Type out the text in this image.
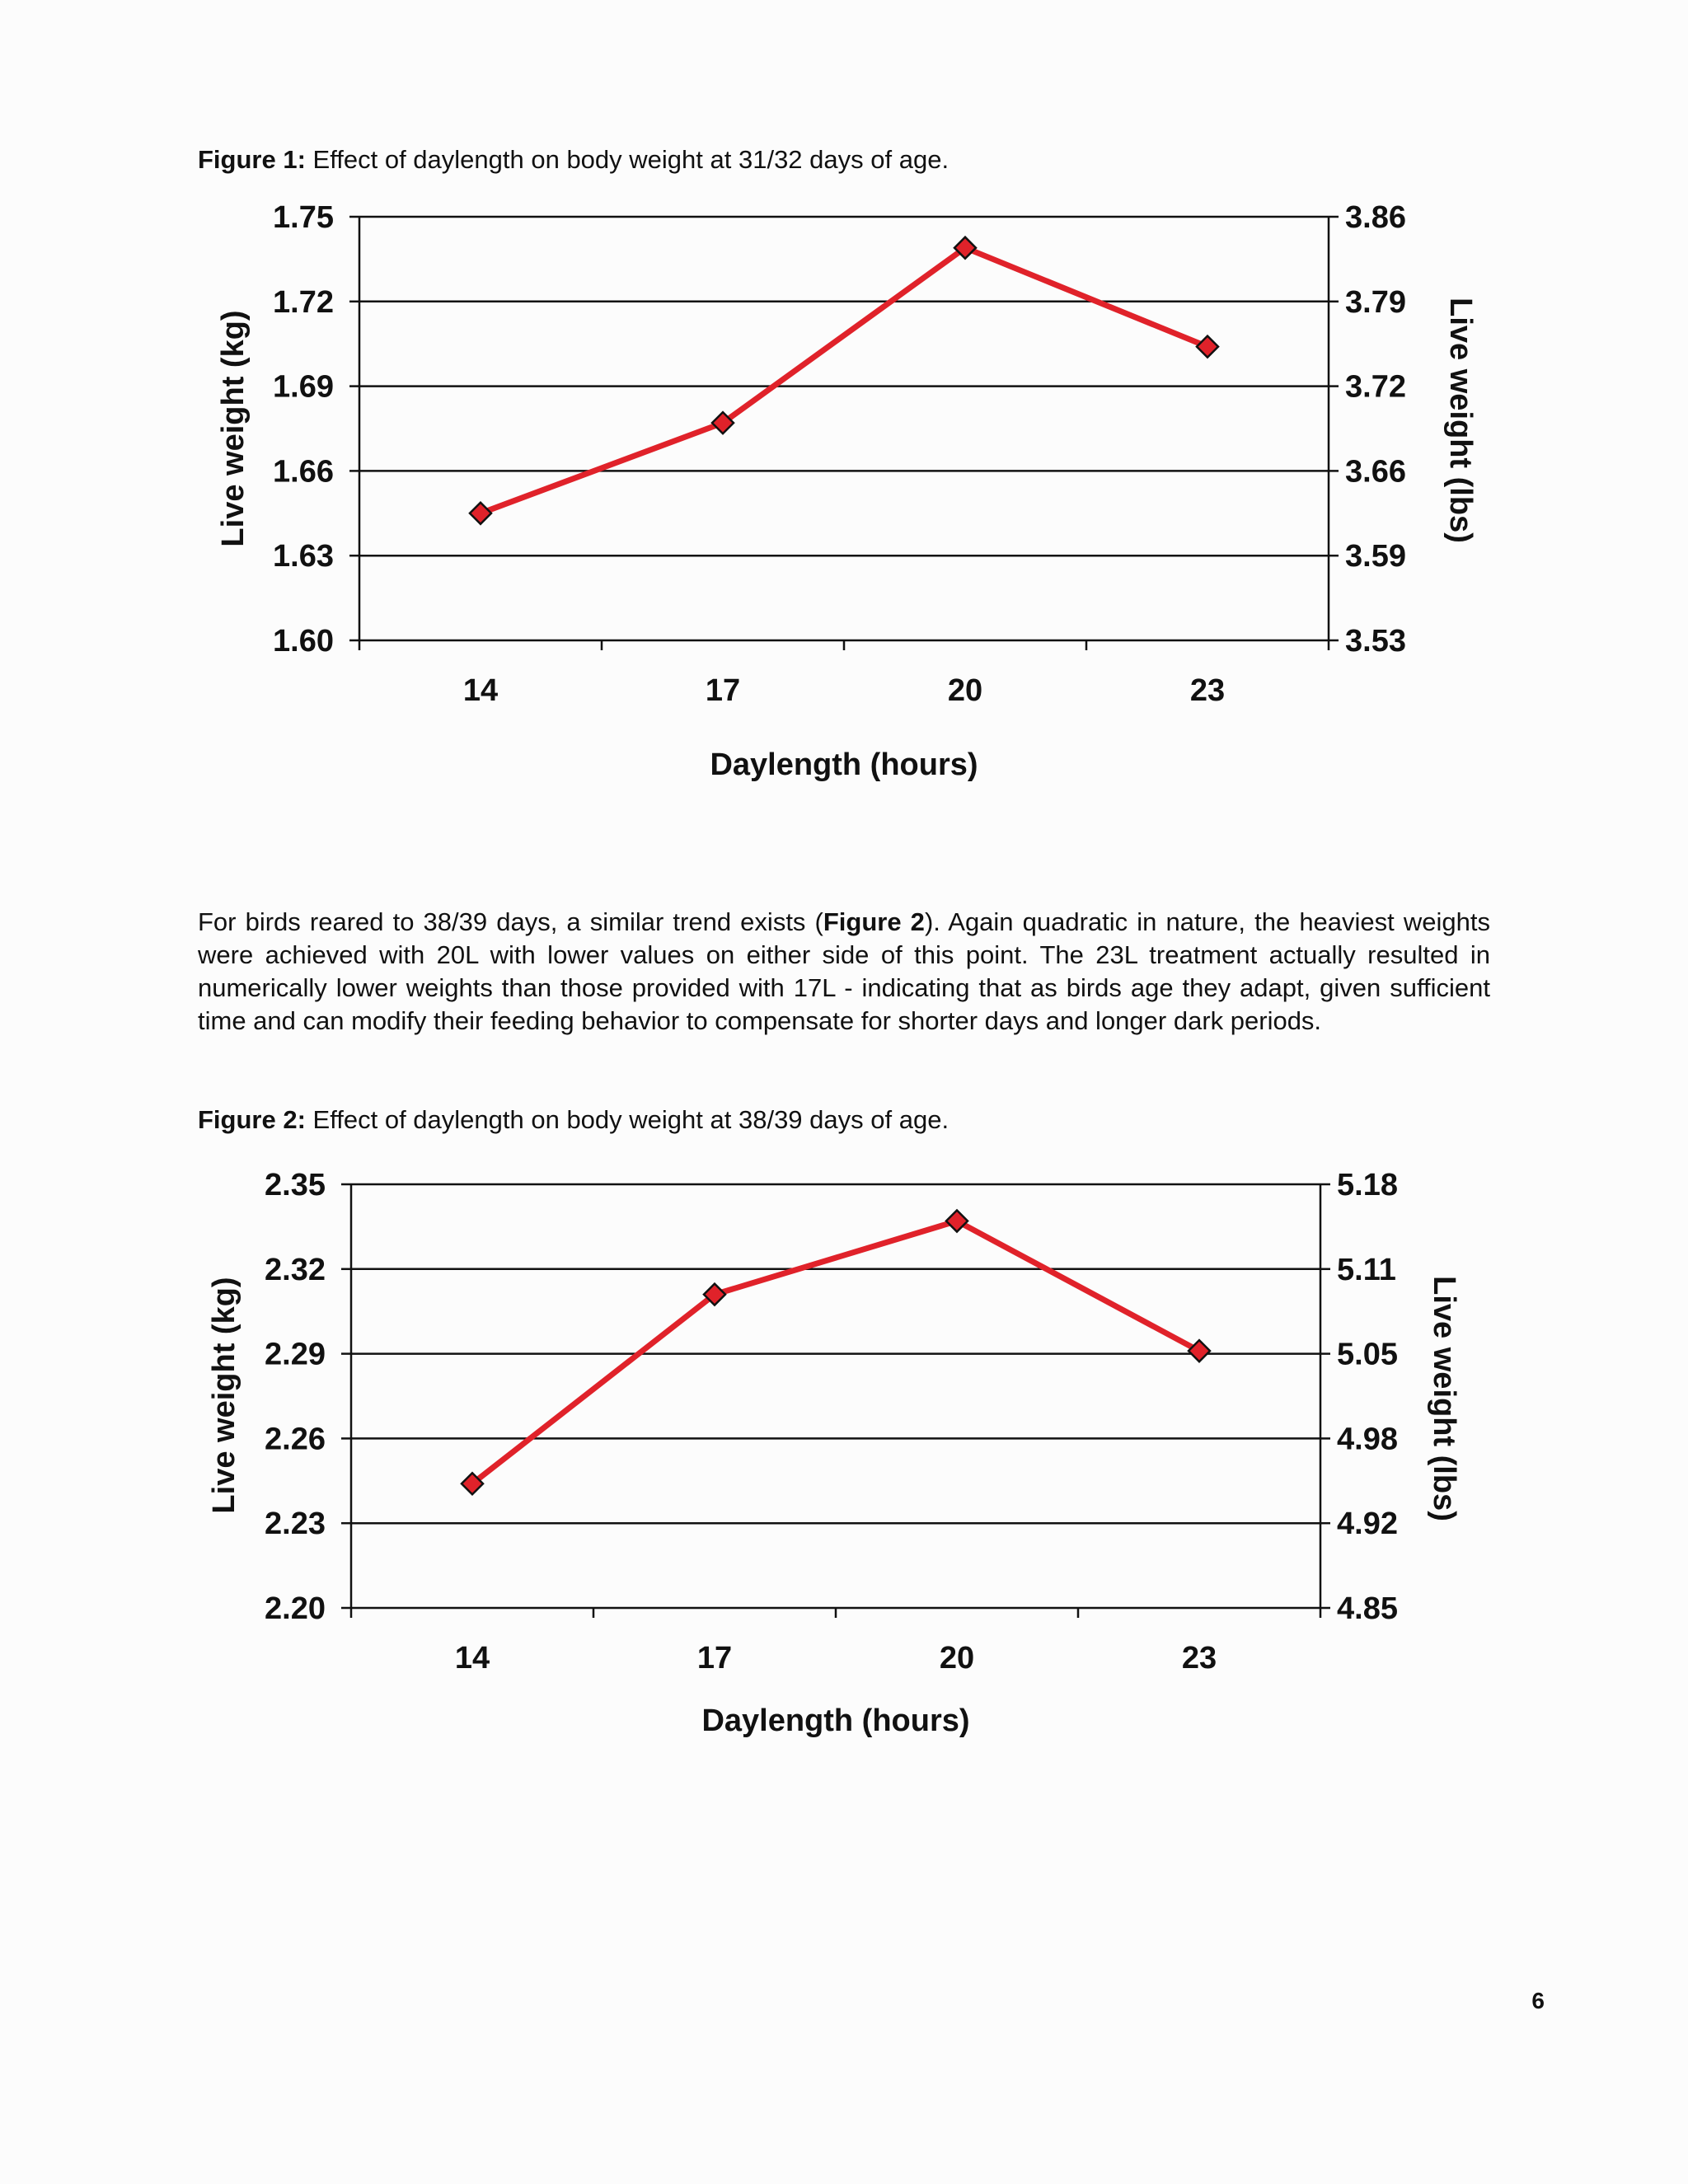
Figure 1: Effect of daylength on body weight at 31/32 days of age.
1.60
1.63
1.66
1.69
1.72
1.75
3.53
3.59
3.66
3.72
3.79
3.86
14	17	20	23
Daylength (hours)
Live weight (kg)	Live weight (lbs)
For birds reared to 38/39 days, a similar trend exists (Figure 2). Again quadratic in nature, the heaviest weights were achieved with 20L with lower values on either side of this point. The 23L treatment actually resulted in numerically lower weights than those provided with 17L - indicating that as birds age they adapt, given sufficient time and can modify their feeding behavior to compensate for shorter days and longer dark periods.
Figure 2: Effect of daylength on body weight at 38/39 days of age.
2.20
2.23
2.26
2.29
2.32
2.35
4.85
4.92
4.98
5.05
5.11
5.18
14	17	20	23
Daylength (hours)
Live weight (kg)	Live weight (lbs)
6
